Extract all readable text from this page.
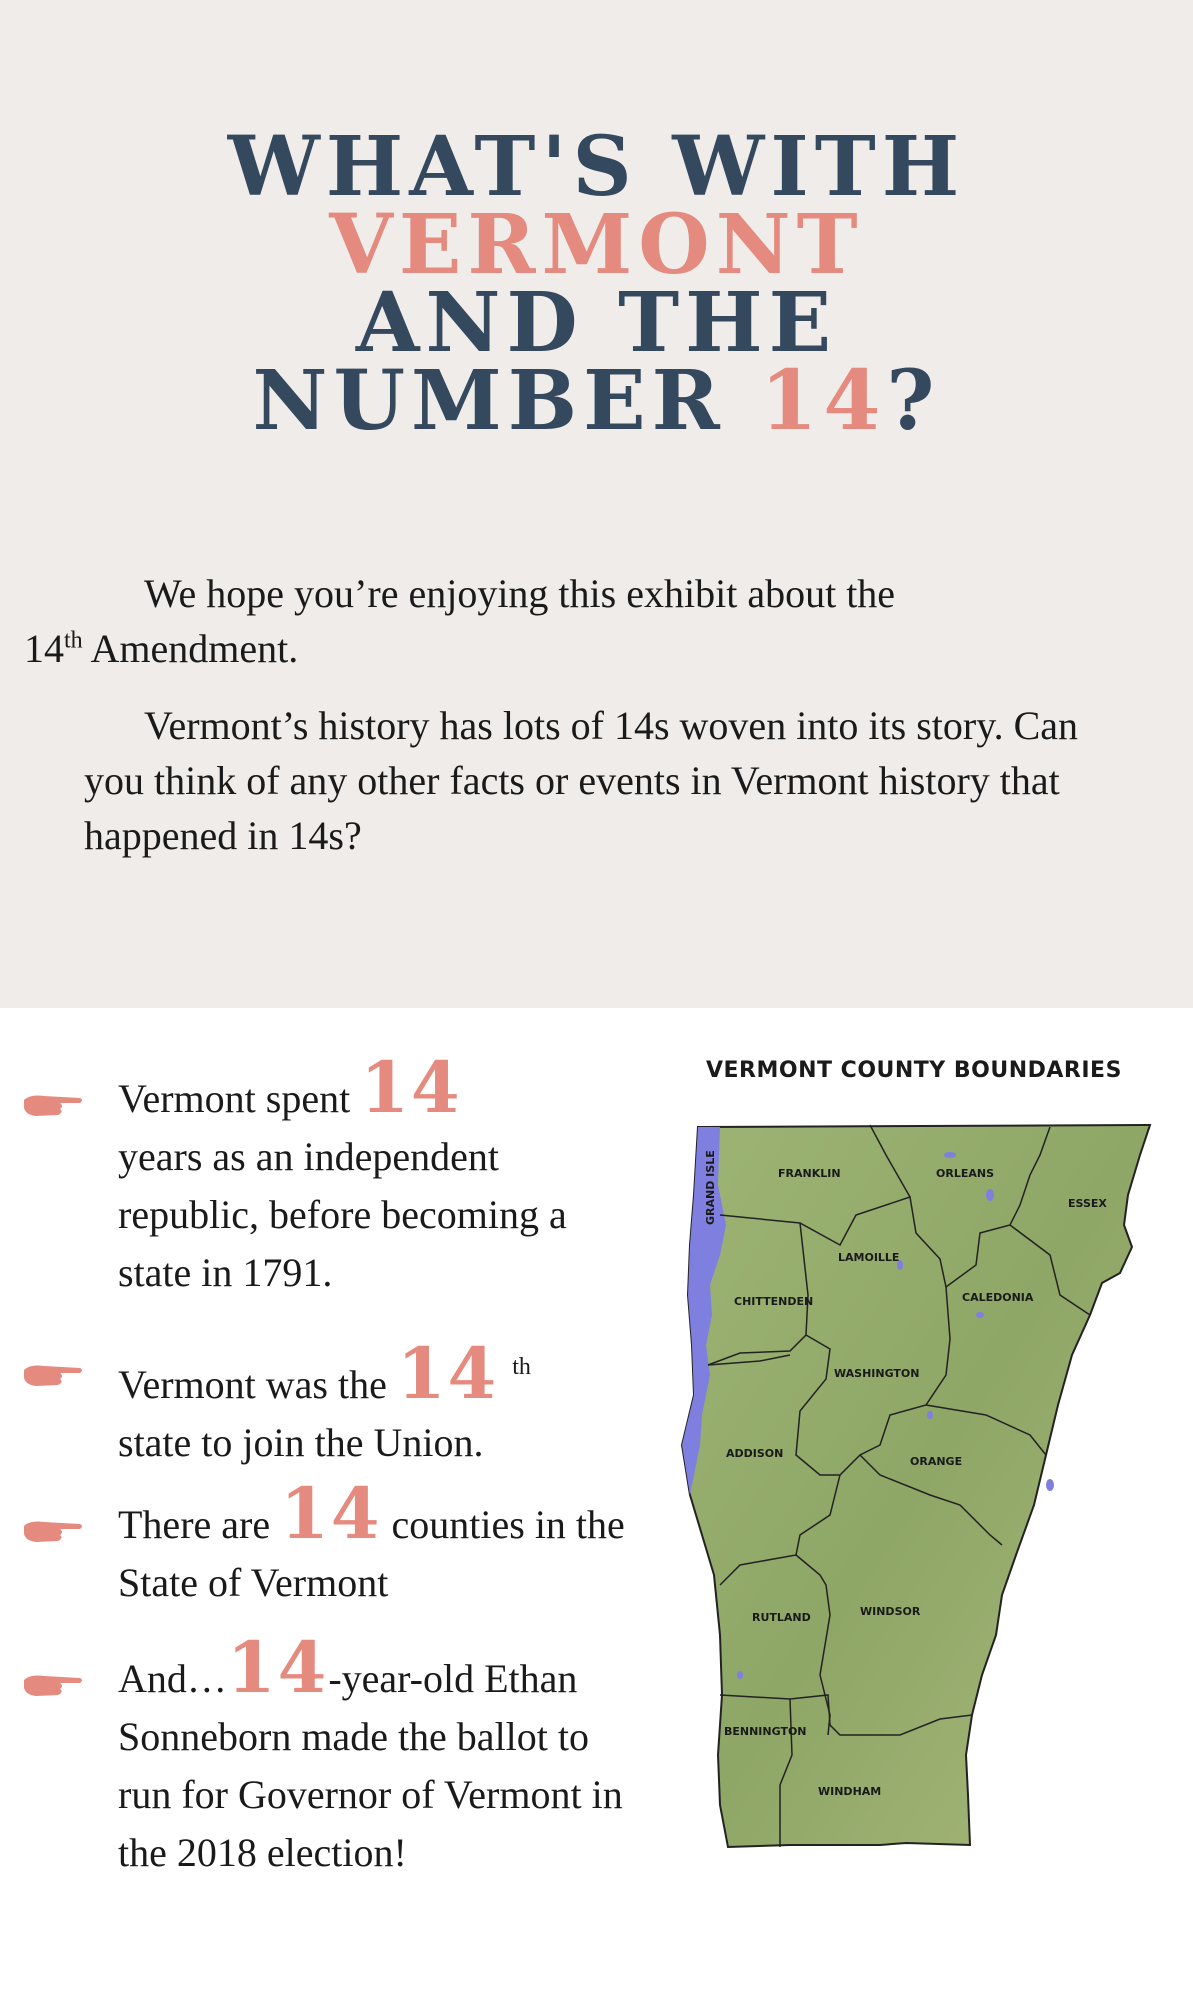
WHAT'S WITH
VERMONT
AND THE
NUMBER 14?

We hope you’re enjoying this exhibit about the
14th Amendment.

Vermont’s history has lots of 14s woven into its story. Can you think of any other facts or events in Vermont history that happened in 14s?

Vermont spent 14
years as an independent republic, before becoming a state in 1791.
Vermont was the 14 $^{th}$
state to join the Union.
There are 14 counties in the State of Vermont
And…14-year-old Ethan Sonneborn made the ballot to run for Governor of Vermont in the 2018 election!
VERMONT COUNTY BOUNDARIES
GRAND ISLE	FRANKLIN	ORLEANS
ESSEX
LAMOILLE
CHITTENDEN	CALEDONIA
WASHINGTON
ADDISON
ORANGE
RUTLAND	WINDSOR
BENNINGTON
WINDHAM
